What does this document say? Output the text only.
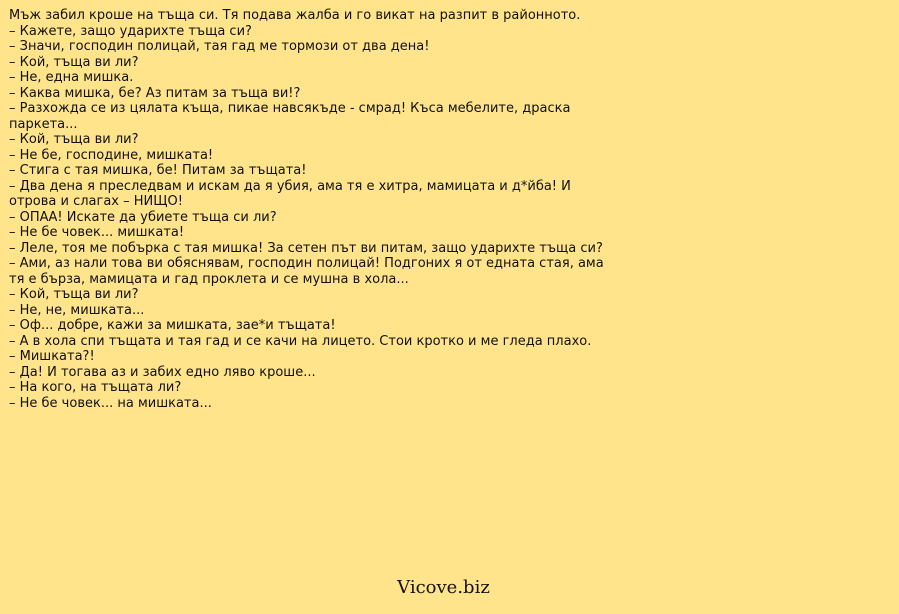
Мъж забил кроше на тъща си. Тя подава жалба и го викат на разпит в районното.
– Кажете, защо ударихте тъща си?
– Значи, господин полицай, тая гад ме тормози от два дена!
– Кой, тъща ви ли?
– Не, една мишка.
– Каква мишка, бе? Аз питам за тъща ви!?
– Разхожда се из цялата къща, пикае навсякъде - смрад! Къса мебелите, драска паркета...
– Кой, тъща ви ли?
– Не бе, господине, мишката!
– Стига с тая мишка, бе! Питам за тъщата!
– Два дена я преследвам и искам да я убия, ама тя е хитра, мамицата и д*йба! И отрова и слагах – НИЩО!
– ОПАА! Искате да убиете тъща си ли?
– Не бе човек... мишката!
– Леле, тоя ме побърка с тая мишка! За сетен път ви питам, защо ударихте тъща си?
– Ами, аз нали това ви обяснявам, господин полицай! Подгоних я от едната стая, ама тя е бърза, мамицата и гад проклета и се мушна в хола...
– Кой, тъща ви ли?
– Не, не, мишката...
– Оф... добре, кажи за мишката, зае*и тъщата!
– А в хола спи тъщата и тая гад и се качи на лицето. Стои кротко и ме гледа плахо.
– Мишката?!
– Да! И тогава аз и забих едно ляво кроше...
– На кого, на тъщата ли?
– Не бе човек... на мишката...
Vicove.biz
